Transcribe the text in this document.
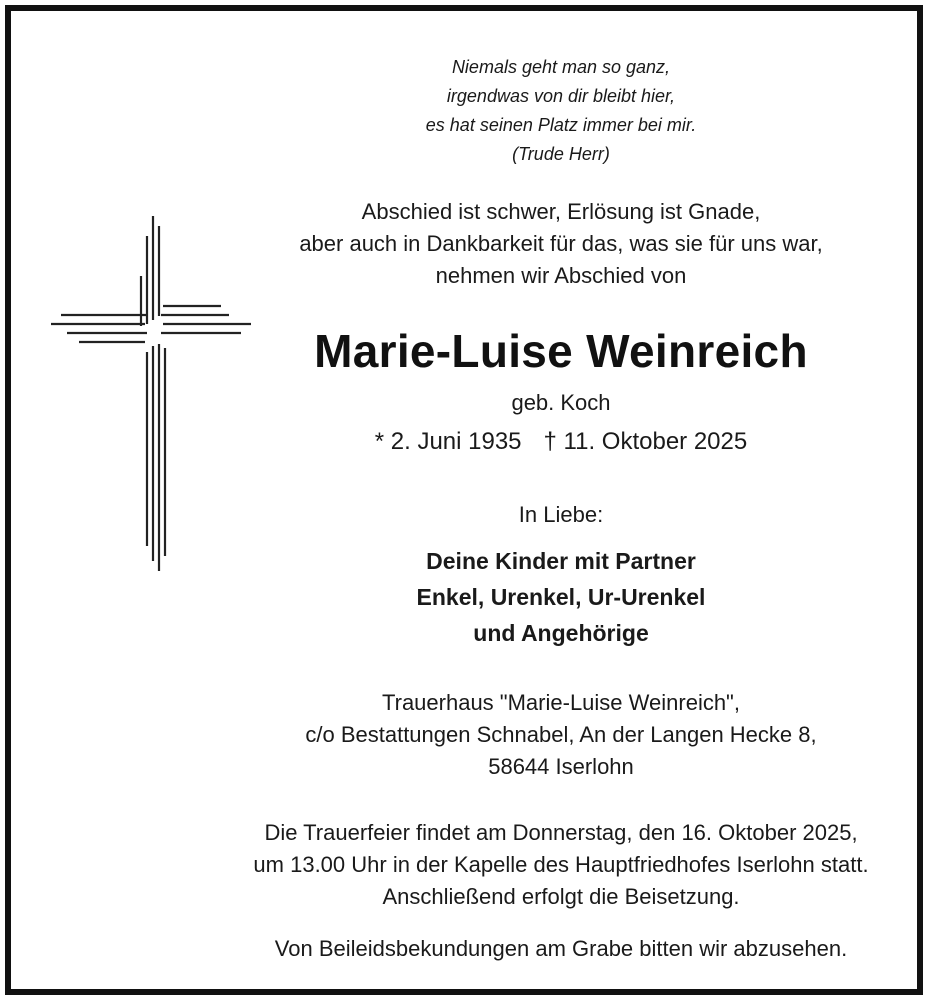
Niemals geht man so ganz,
irgendwas von dir bleibt hier,
es hat seinen Platz immer bei mir.
(Trude Herr)
Abschied ist schwer, Erlösung ist Gnade,
aber auch in Dankbarkeit für das, was sie für uns war,
nehmen wir Abschied von
Marie-Luise Weinreich
geb. Koch
* 2. Juni 1935 † 11. Oktober 2025
In Liebe:
Deine Kinder mit Partner
Enkel, Urenkel, Ur-Urenkel
und Angehörige
Trauerhaus "Marie-Luise Weinreich",
c/o Bestattungen Schnabel, An der Langen Hecke 8,
58644 Iserlohn
Die Trauerfeier findet am Donnerstag, den 16. Oktober 2025,
um 13.00 Uhr in der Kapelle des Hauptfriedhofes Iserlohn statt.
Anschließend erfolgt die Beisetzung.
Von Beileidsbekundungen am Grabe bitten wir abzusehen.
